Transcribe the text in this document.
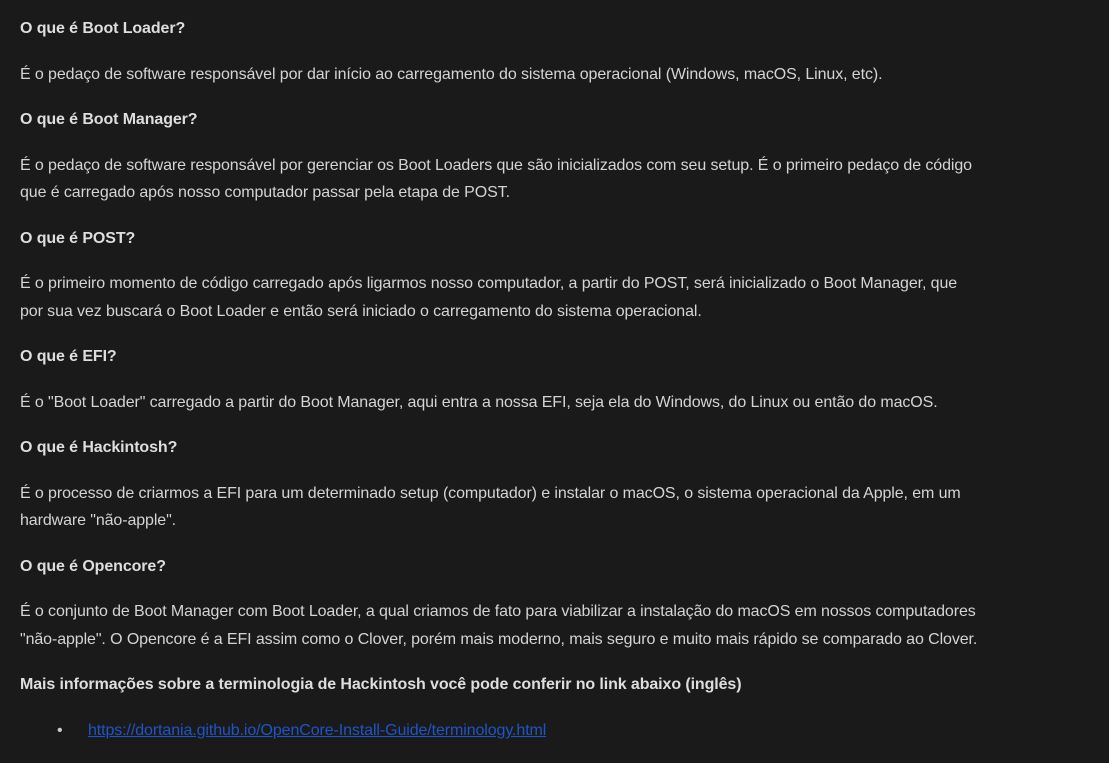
O que é Boot Loader?
É o pedaço de software responsável por dar início ao carregamento do sistema operacional (Windows, macOS, Linux, etc).
O que é Boot Manager?
É o pedaço de software responsável por gerenciar os Boot Loaders que são inicializados com seu setup. É o primeiro pedaço de código
que é carregado após nosso computador passar pela etapa de POST.
O que é POST?
É o primeiro momento de código carregado após ligarmos nosso computador, a partir do POST, será inicializado o Boot Manager, que
por sua vez buscará o Boot Loader e então será iniciado o carregamento do sistema operacional.
O que é EFI?
É o "Boot Loader" carregado a partir do Boot Manager, aqui entra a nossa EFI, seja ela do Windows, do Linux ou então do macOS.
O que é Hackintosh?
É o processo de criarmos a EFI para um determinado setup (computador) e instalar o macOS, o sistema operacional da Apple, em um
hardware "não-apple".
O que é Opencore?
É o conjunto de Boot Manager com Boot Loader, a qual criamos de fato para viabilizar a instalação do macOS em nossos computadores
"não-apple". O Opencore é a EFI assim como o Clover, porém mais moderno, mais seguro e muito mais rápido se comparado ao Clover.
Mais informações sobre a terminologia de Hackintosh você pode conferir no link abaixo (inglês)
• https://dortania.github.io/OpenCore-Install-Guide/terminology.html
